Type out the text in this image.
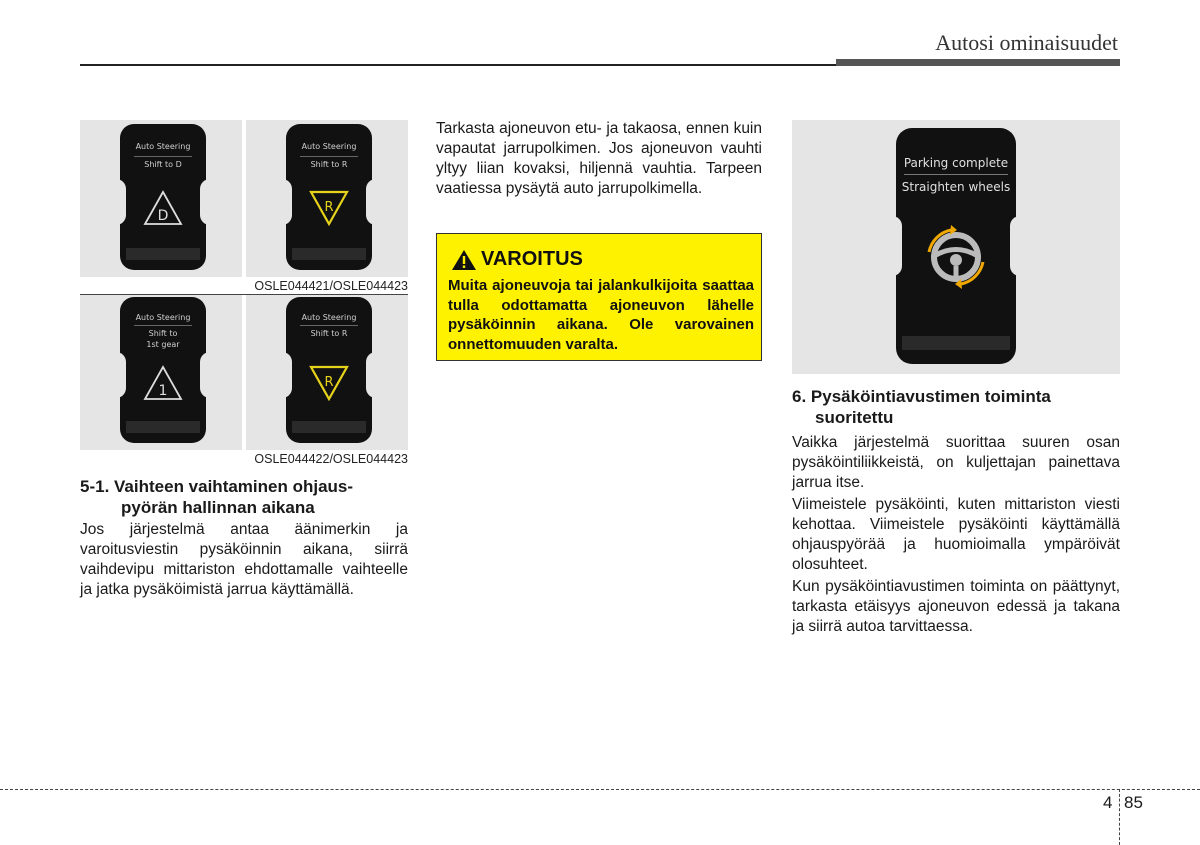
Autosi ominaisuudet
Auto Steering
Shift to D
D
Auto Steering
Shift to R
R
OSLE044421/OSLE044423
Auto Steering
Shift to
1st gear
1
Auto Steering
Shift to R
R
OSLE044422/OSLE044423
5-1. Vaihteen vaihtaminen ohjaus-
pyörän hallinnan aikana

Jos järjestelmä antaa äänimerkin ja varoitusviestin pysäköinnin aikana, siirrä vaihdevipu mittariston ehdottamalle vaihteelle ja jatka pysäköimistä jarrua käyttämällä.

Tarkasta ajoneuvon etu- ja takaosa, ennen kuin vapautat jarrupolkimen. Jos ajoneuvon vauhti yltyy liian kovaksi, hiljennä vauhtia. Tarpeen vaatiessa pysäytä auto jarrupolkimella.

VAROITUS
Muita ajoneuvoja tai jalankulkijoita saattaa tulla odottamatta ajoneuvon lähelle pysäköinnin aikana. Ole varovainen onnettomuuden varalta.
Parking complete
Straighten wheels
6. Pysäköintiavustimen toiminta
suoritettu

Vaikka järjestelmä suorittaa suuren osan pysäköintiliikkeistä, on kuljettajan painettava jarrua itse.

Viimeistele pysäköinti, kuten mittariston viesti kehottaa. Viimeistele pysäköinti käyttämällä ohjauspyörää ja huomioimalla ympäröivät olosuhteet.

Kun pysäköintiavustimen toiminta on päättynyt, tarkasta etäisyys ajoneuvon edessä ja takana ja siirrä autoa tarvittaessa.

4 85
